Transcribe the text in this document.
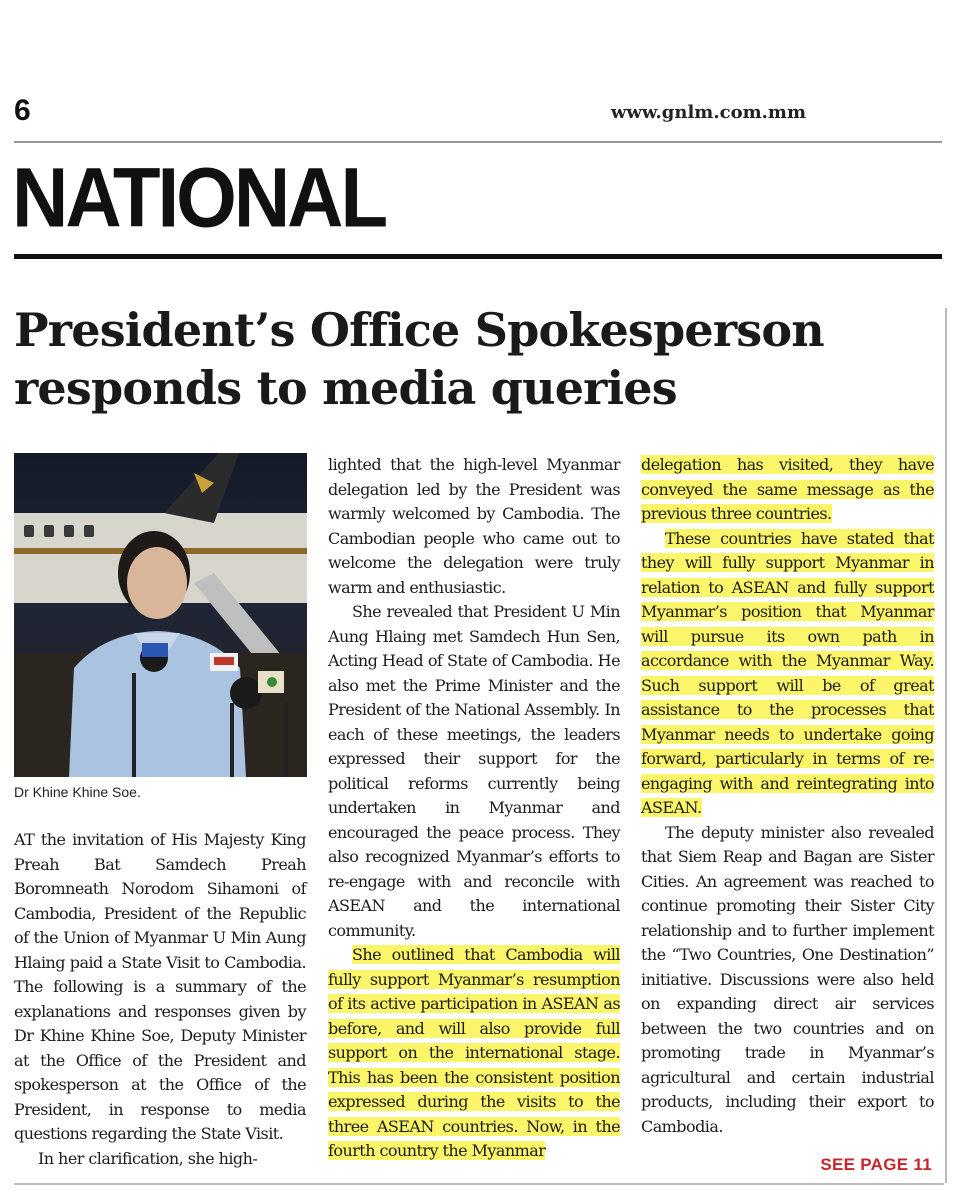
6	www.gnlm.com.mm
NATIONAL
President’s Office Spokesperson responds to media queries
Dr Khine Khine Soe.

AT the invitation of His Majesty King Preah Bat Samdech Preah Boromneath Norodom Sihamoni of Cambodia, President of the Republic of the Union of Myanmar U Min Aung Hlaing paid a State Visit to Cambodia. The following is a summary of the explanations and responses given by Dr Khine Khine Soe, Deputy Minister at the Office of the President and spokesperson at the Office of the President, in response to media questions regarding the State Visit.

In her clarification, she high-

lighted that the high-level Myanmar delegation led by the President was warmly welcomed by Cambodia. The Cambodian people who came out to welcome the delegation were truly warm and enthusiastic.

She revealed that President U Min Aung Hlaing met Samdech Hun Sen, Acting Head of State of Cambodia. He also met the Prime Minister and the President of the National Assembly. In each of these meetings, the leaders expressed their support for the political reforms currently being undertaken in Myanmar and encouraged the peace process. They also recognized Myanmar’s efforts to re-engage with and reconcile with ASEAN and the international community.

She outlined that Cambodia will fully support Myanmar’s resumption of its active participation in ASEAN as before, and will also provide full support on the international stage. This has been the consistent position expressed during the visits to the three ASEAN countries. Now, in the fourth country the Myanmar

delegation has visited, they have conveyed the same message as the previous three countries.

These countries have stated that they will fully support Myanmar in relation to ASEAN and fully support Myanmar’s position that Myanmar will pursue its own path in accordance with the Myanmar Way. Such support will be of great assistance to the processes that Myanmar needs to undertake going forward, particularly in terms of re-engaging with and reintegrating into ASEAN.

The deputy minister also revealed that Siem Reap and Bagan are Sister Cities. An agreement was reached to continue promoting their Sister City relationship and to further implement the “Two Countries, One Destination” initiative. Discussions were also held on expanding direct air services between the two countries and on promoting trade in Myanmar’s agricultural and certain industrial products, including their export to Cambodia.

SEE PAGE 11
